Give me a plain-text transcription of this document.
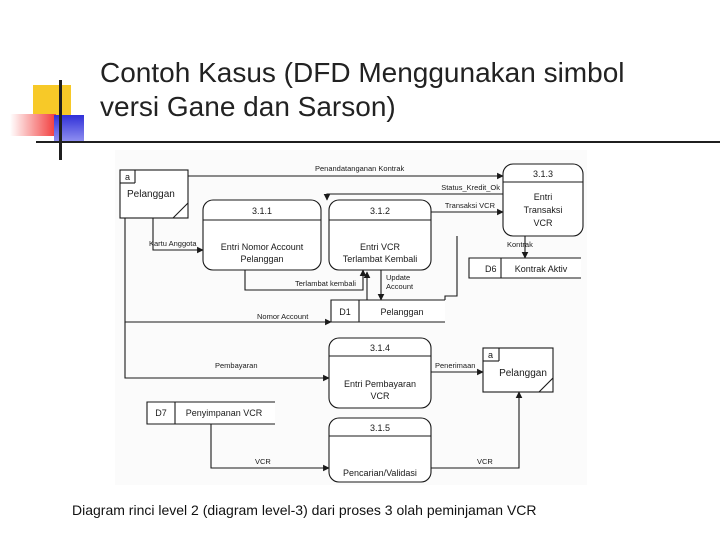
Contoh Kasus (DFD Menggunakan simbol
versi Gane dan Sarson)
a
Pelanggan
3.1.1
Entri Nomor Account
Pelanggan
3.1.2
Entri VCR
Terlambat Kembali
3.1.3
Entri
Transaksi
VCR
D6 Kontrak Aktiv
D1	Pelanggan
3.1.4
Entri Pembayaran
VCR
a
Pelanggan
D7 Penyimpanan VCR
3.1.5
Pencarian/Validasi
Penandatanganan Kontrak
Status_Kredit_Ok
Transaksi VCR
Kontrak
Kartu Anggota
Terlambat kembali
Update
Account
Nomor Account
Pembayaran	Penerimaan
VCR	VCR

Diagram rinci level 2 (diagram level-3) dari proses 3 olah peminjaman VCR
